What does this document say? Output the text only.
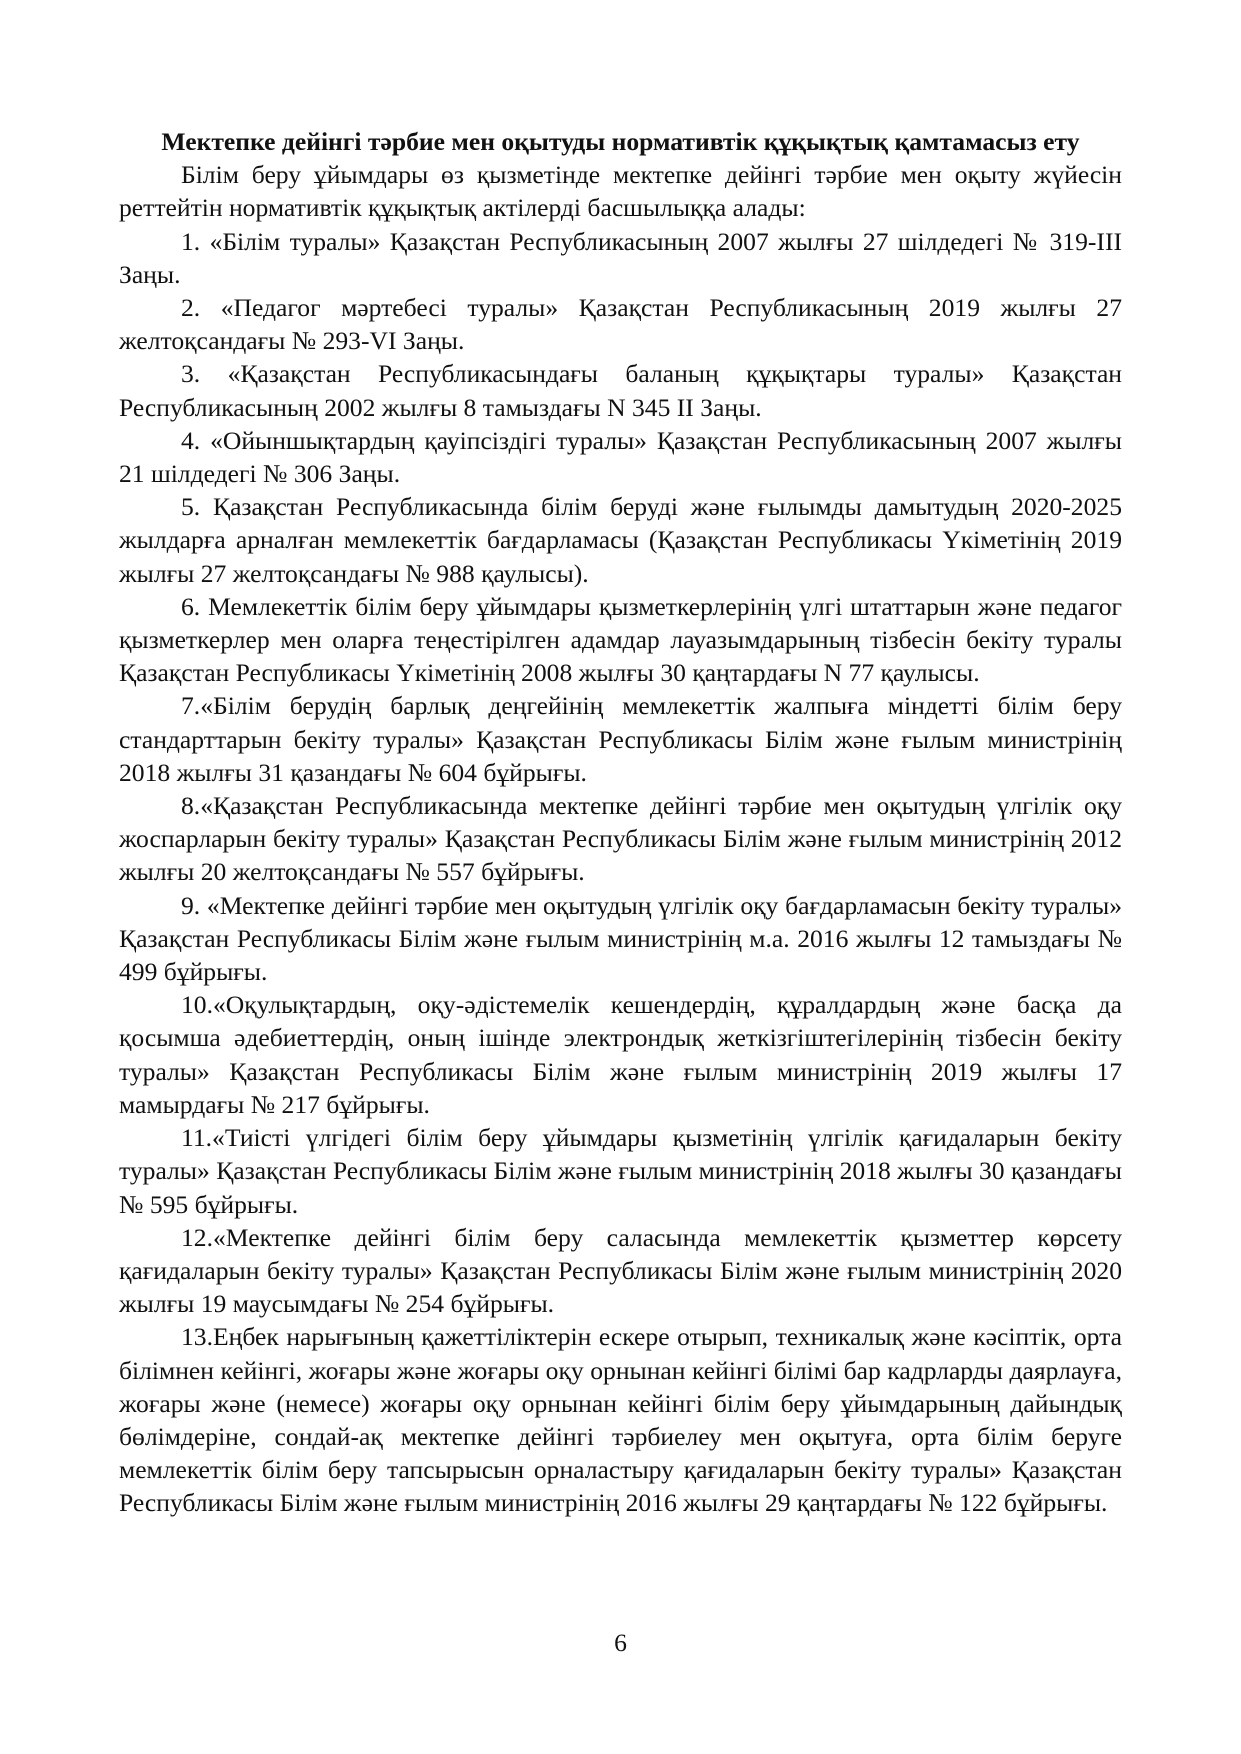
Мектепке дейінгі тәрбие мен оқытуды нормативтік құқықтық қамтамасыз ету

Білім беру ұйымдары өз қызметінде мектепке дейінгі тәрбие мен оқыту жүйесін реттейтін нормативтік құқықтық актілерді басшылыққа алады:

1. «Білім туралы» Қазақстан Республикасының 2007 жылғы 27 шілдедегі № 319-ІІІ Заңы.

2. «Педагог мәртебесі туралы» Қазақстан Республикасының 2019 жылғы 27 желтоқсандағы № 293-VI Заңы.

3. «Қазақстан Республикасындағы баланың құқықтары туралы» Қазақстан Республикасының 2002 жылғы 8 тамыздағы N 345 ІІ Заңы.

4. «Ойыншықтардың қауіпсіздігі туралы» Қазақстан Республикасының 2007 жылғы 21 шілдедегі № 306 Заңы.

5. Қазақстан Республикасында білім беруді және ғылымды дамытудың 2020-2025 жылдарға арналған мемлекеттік бағдарламасы (Қазақстан Республикасы Үкіметінің 2019 жылғы 27 желтоқсандағы № 988 қаулысы).

6. Мемлекеттік білім беру ұйымдары қызметкерлерінің үлгі штаттарын және педагог қызметкерлер мен оларға теңестірілген адамдар лауазымдарының тізбесін бекіту туралы Қазақстан Республикасы Үкіметінің 2008 жылғы 30 қаңтардағы N 77 қаулысы.

7.«Білім берудің барлық деңгейінің мемлекеттік жалпыға міндетті білім беру стандарттарын бекіту туралы» Қазақстан Республикасы Білім және ғылым министрінің 2018 жылғы 31 қазандағы № 604 бұйрығы.

8.«Қазақстан Республикасында мектепке дейінгі тәрбие мен оқытудың үлгілік оқу жоспарларын бекіту туралы» Қазақстан Республикасы Білім және ғылым министрінің 2012 жылғы 20 желтоқсандағы № 557 бұйрығы.

9. «Мектепке дейінгі тәрбие мен оқытудың үлгілік оқу бағдарламасын бекіту туралы» Қазақстан Республикасы Білім және ғылым министрінің м.а. 2016 жылғы 12 тамыздағы № 499 бұйрығы.

10.«Оқулықтардың, оқу-әдістемелік кешендердің, құралдардың және басқа да қосымша әдебиеттердің, оның ішінде электрондық жеткізгіштегілерінің тізбесін бекіту туралы» Қазақстан Республикасы Білім және ғылым министрінің 2019 жылғы 17 мамырдағы № 217 бұйрығы.

11.«Тиісті үлгідегі білім беру ұйымдары қызметінің үлгілік қағидаларын бекіту туралы» Қазақстан Республикасы Білім және ғылым министрінің 2018 жылғы 30 қазандағы № 595 бұйрығы.

12.«Мектепке дейінгі білім беру саласында мемлекеттік қызметтер көрсету қағидаларын бекіту туралы» Қазақстан Республикасы Білім және ғылым министрінің 2020 жылғы 19 маусымдағы № 254 бұйрығы.

13.Еңбек нарығының қажеттіліктерін ескере отырып, техникалық және кәсіптік, орта білімнен кейінгі, жоғары және жоғары оқу орнынан кейінгі білімі бар кадрларды даярлауға, жоғары және (немесе) жоғары оқу орнынан кейінгі білім беру ұйымдарының дайындық бөлімдеріне, сондай-ақ мектепке дейінгі тәрбиелеу мен оқытуға, орта білім беруге мемлекеттік білім беру тапсырысын орналастыру қағидаларын бекіту туралы» Қазақстан Республикасы Білім және ғылым министрінің 2016 жылғы 29 қаңтардағы № 122 бұйрығы.

6
